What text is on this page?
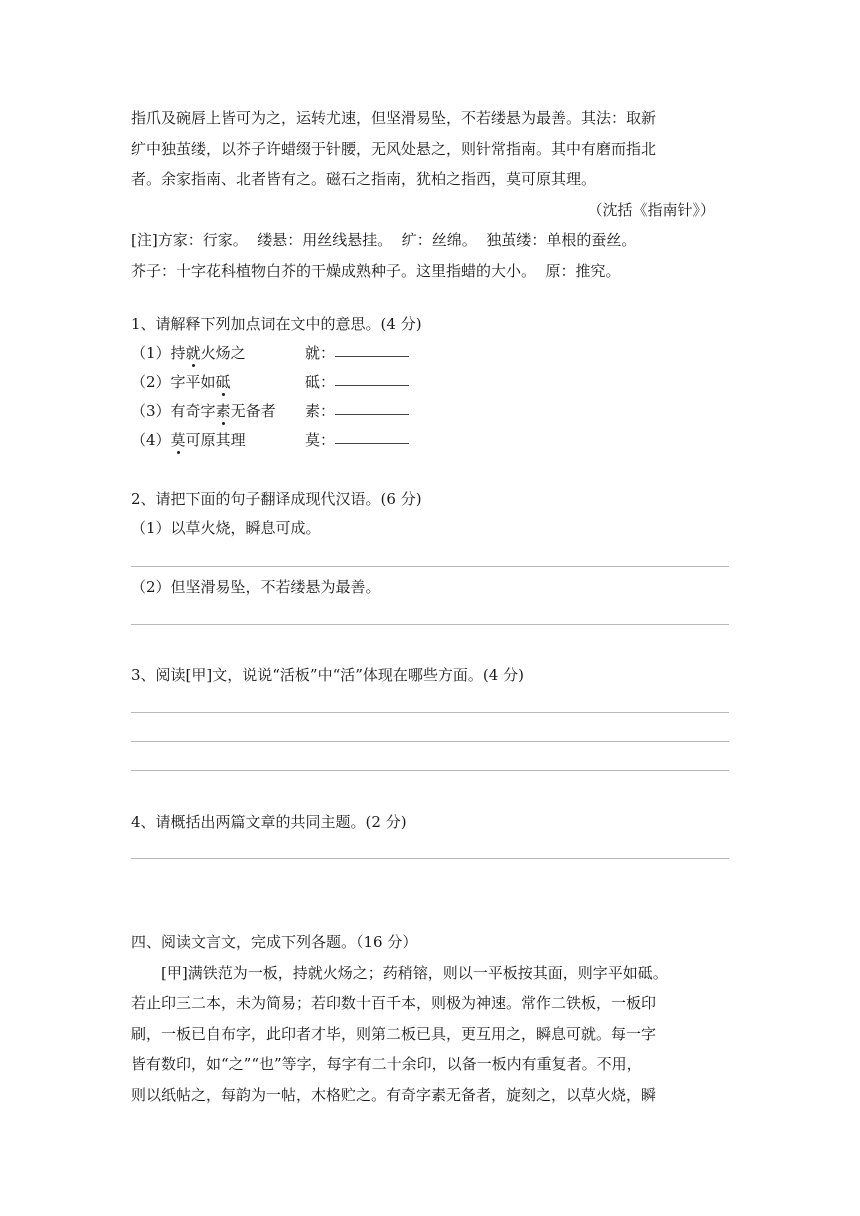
指爪及碗唇上皆可为之，运转尤速，但坚滑易坠，不若缕悬为最善。其法：取新

纩中独茧缕，以芥子许蜡缀于针腰，无风处悬之，则针常指南。其中有磨而指北

者。余家指南、北者皆有之。磁石之指南，犹柏之指西，莫可原其理。

（沈括《指南针》）

[注]方家：行家。  缕悬：用丝线悬挂。  纩：丝绵。  独茧缕：单根的蚕丝。

芥子：十字花科植物白芥的干燥成熟种子。这里指蜡的大小。  原：推究。

1、请解释下列加点词在文中的意思。(4 分)

（1）持就火炀之	就：
（2）字平如砥	砥：
（3）有奇字素无备者	素：
（4）莫可原其理	莫：

2、请把下面的句子翻译成现代汉语。(6 分)

（1）以草火烧，瞬息可成。

（2）但坚滑易坠，不若缕悬为最善。

3、阅读[甲]文，说说“活板”中“活”体现在哪些方面。(4 分)

4、请概括出两篇文章的共同主题。(2 分)

四、阅读文言文，完成下列各题。（16 分）

[甲]满铁范为一板，持就火炀之；药稍镕，则以一平板按其面，则字平如砥。

若止印三二本，未为简易；若印数十百千本，则极为神速。常作二铁板，一板印

刷，一板已自布字，此印者才毕，则第二板已具，更互用之，瞬息可就。每一字

皆有数印，如“之”“也”等字，每字有二十余印，以备一板内有重复者。不用，

则以纸帖之，每韵为一帖，木格贮之。有奇字素无备者，旋刻之，以草火烧，瞬
